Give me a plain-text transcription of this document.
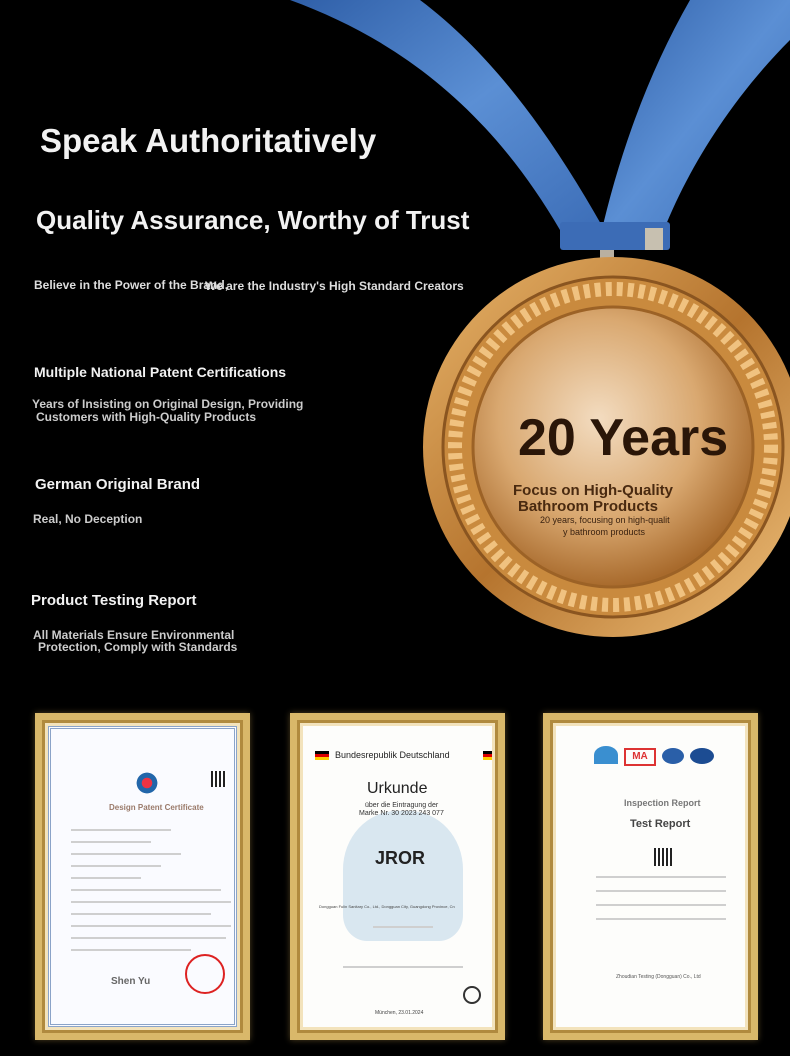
20 Years
Focus on High-Quality
Bathroom Products
20 years, focusing on high-qualit
y bathroom products
Speak Authoritatively
Quality Assurance, Worthy of Trust
Believe in the Power of the Brand,
We are the Industry's High Standard Creators
Multiple National Patent Certifications
Years of Insisting on Original Design, Providing
Customers with High-Quality Products
German Original Brand
Real, No Deception
Product Testing Report
All Materials Ensure Environmental
Protection, Comply with Standards
Design Patent Certificate
Shen Yu
Bundesrepublik Deutschland
Urkunde
über die Eintragung der
Marke Nr. 30 2023 243 077
JROR
Dongguan Fulin Sanitary Co., Ltd., Dongguan City, Guangdong Province, Cn
München, 23.01.2024
MA
Inspection Report
Test Report
Zhoudian Testing (Dongguan) Co., Ltd
